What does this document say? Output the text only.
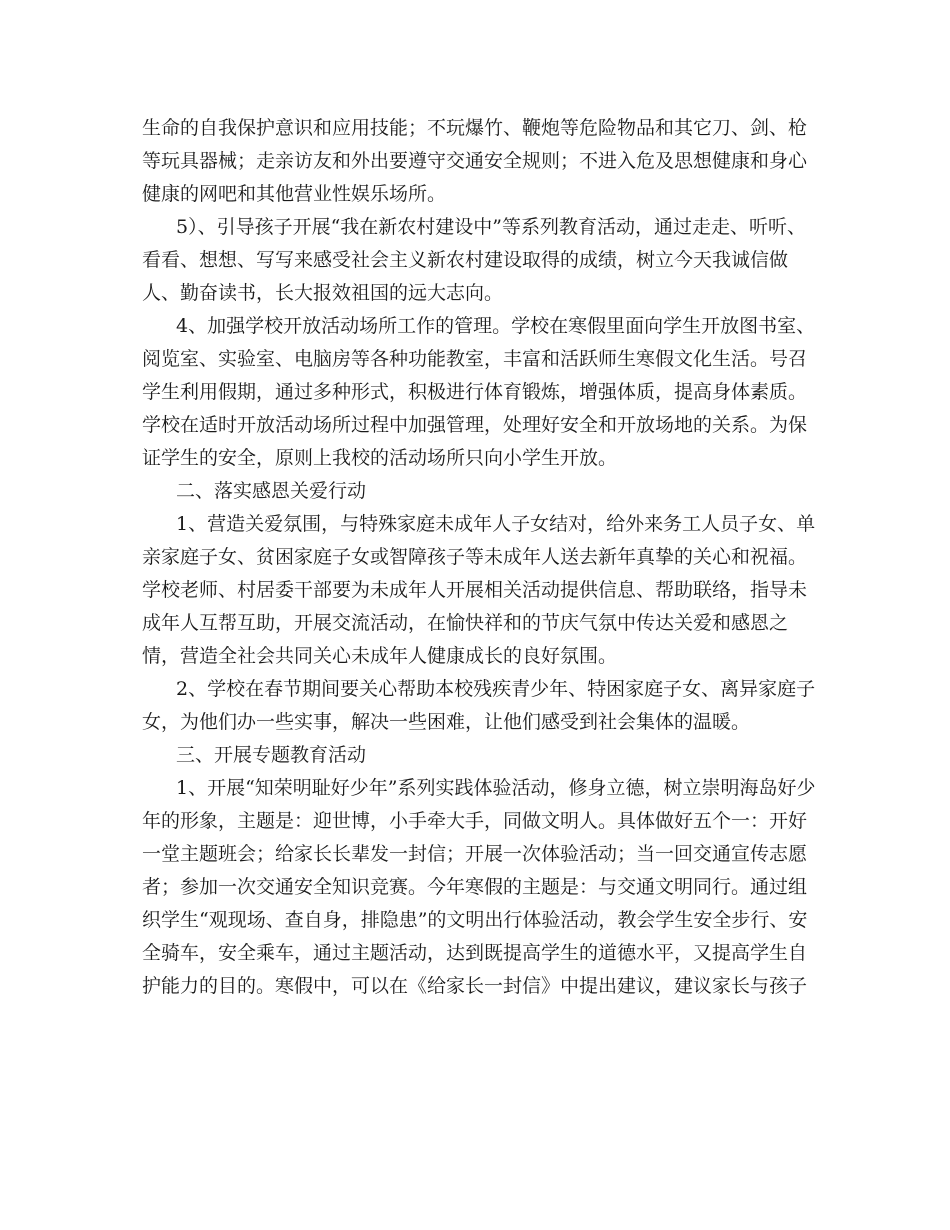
生命的自我保护意识和应用技能；不玩爆竹、鞭炮等危险物品和其它刀、剑、枪
等玩具器械；走亲访友和外出要遵守交通安全规则；不进入危及思想健康和身心
健康的网吧和其他营业性娱乐场所。
5）、引导孩子开展“我在新农村建设中”等系列教育活动，通过走走、听听、
看看、想想、写写来感受社会主义新农村建设取得的成绩，树立今天我诚信做
人、勤奋读书，长大报效祖国的远大志向。
4、加强学校开放活动场所工作的管理。学校在寒假里面向学生开放图书室、
阅览室、实验室、电脑房等各种功能教室，丰富和活跃师生寒假文化生活。号召
学生利用假期，通过多种形式，积极进行体育锻炼，增强体质，提高身体素质。
学校在适时开放活动场所过程中加强管理，处理好安全和开放场地的关系。为保
证学生的安全，原则上我校的活动场所只向小学生开放。
二、落实感恩关爱行动
1、营造关爱氛围，与特殊家庭未成年人子女结对，给外来务工人员子女、单
亲家庭子女、贫困家庭子女或智障孩子等未成年人送去新年真挚的关心和祝福。
学校老师、村居委干部要为未成年人开展相关活动提供信息、帮助联络，指导未
成年人互帮互助，开展交流活动，在愉快祥和的节庆气氛中传达关爱和感恩之
情，营造全社会共同关心未成年人健康成长的良好氛围。
2、学校在春节期间要关心帮助本校残疾青少年、特困家庭子女、离异家庭子
女，为他们办一些实事，解决一些困难，让他们感受到社会集体的温暖。
三、开展专题教育活动
1、开展“知荣明耻好少年”系列实践体验活动，修身立德，树立崇明海岛好少
年的形象，主题是：迎世博，小手牵大手，同做文明人。具体做好五个一：开好
一堂主题班会；给家长长辈发一封信；开展一次体验活动；当一回交通宣传志愿
者；参加一次交通安全知识竞赛。今年寒假的主题是：与交通文明同行。通过组
织学生“观现场、查自身，排隐患”的文明出行体验活动，教会学生安全步行、安
全骑车，安全乘车，通过主题活动，达到既提高学生的道德水平，又提高学生自
护能力的目的。寒假中，可以在《给家长一封信》中提出建议，建议家长与孩子
